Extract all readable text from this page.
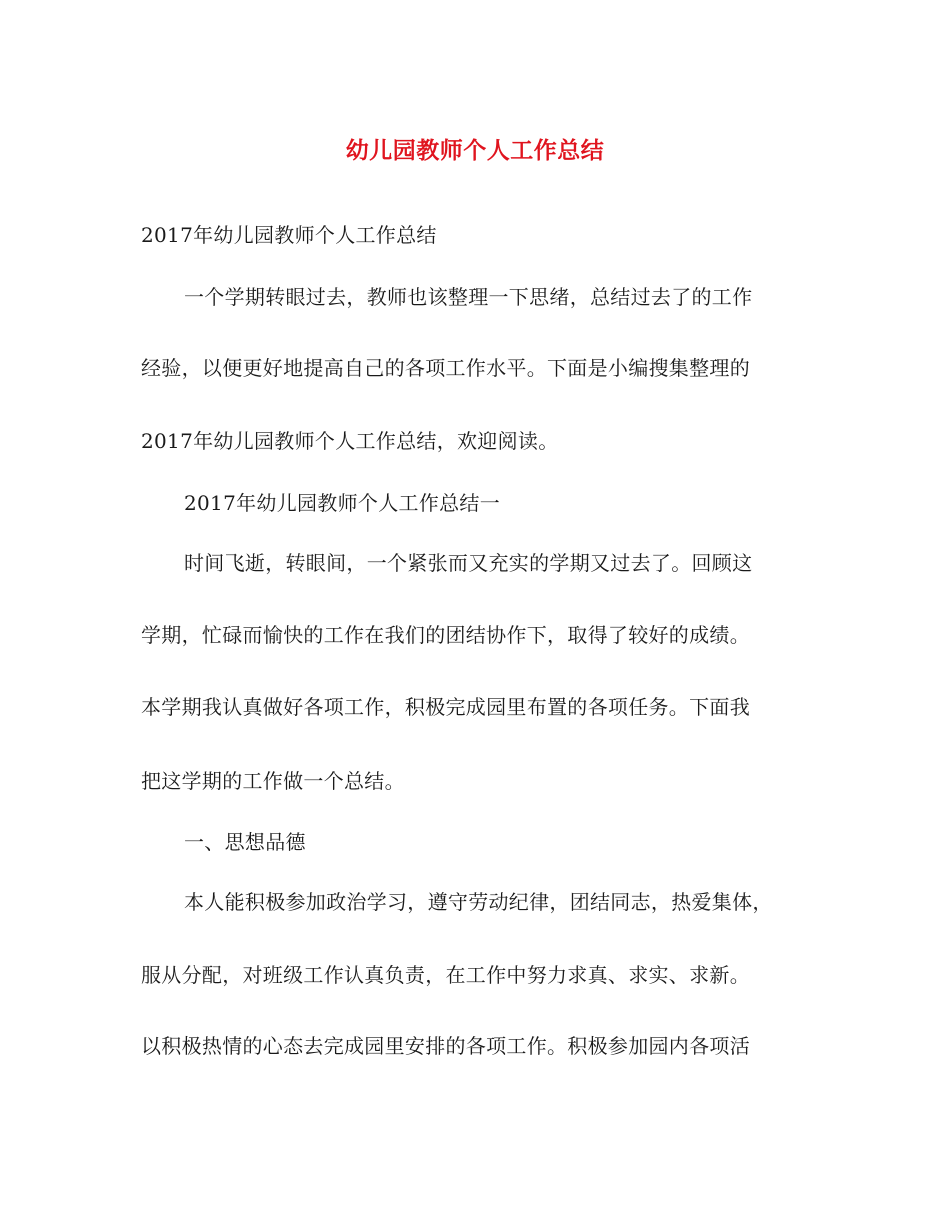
幼儿园教师个人工作总结
2017年幼儿园教师个人工作总结
一个学期转眼过去，教师也该整理一下思绪，总结过去了的工作
经验，以便更好地提高自己的各项工作水平。下面是小编搜集整理的
2017年幼儿园教师个人工作总结，欢迎阅读。
2017年幼儿园教师个人工作总结一
时间飞逝，转眼间，一个紧张而又充实的学期又过去了。回顾这
学期，忙碌而愉快的工作在我们的团结协作下，取得了较好的成绩。
本学期我认真做好各项工作，积极完成园里布置的各项任务。下面我
把这学期的工作做一个总结。
一、思想品德
本人能积极参加政治学习，遵守劳动纪律，团结同志，热爱集体，
服从分配，对班级工作认真负责，在工作中努力求真、求实、求新。
以积极热情的心态去完成园里安排的各项工作。积极参加园内各项活
